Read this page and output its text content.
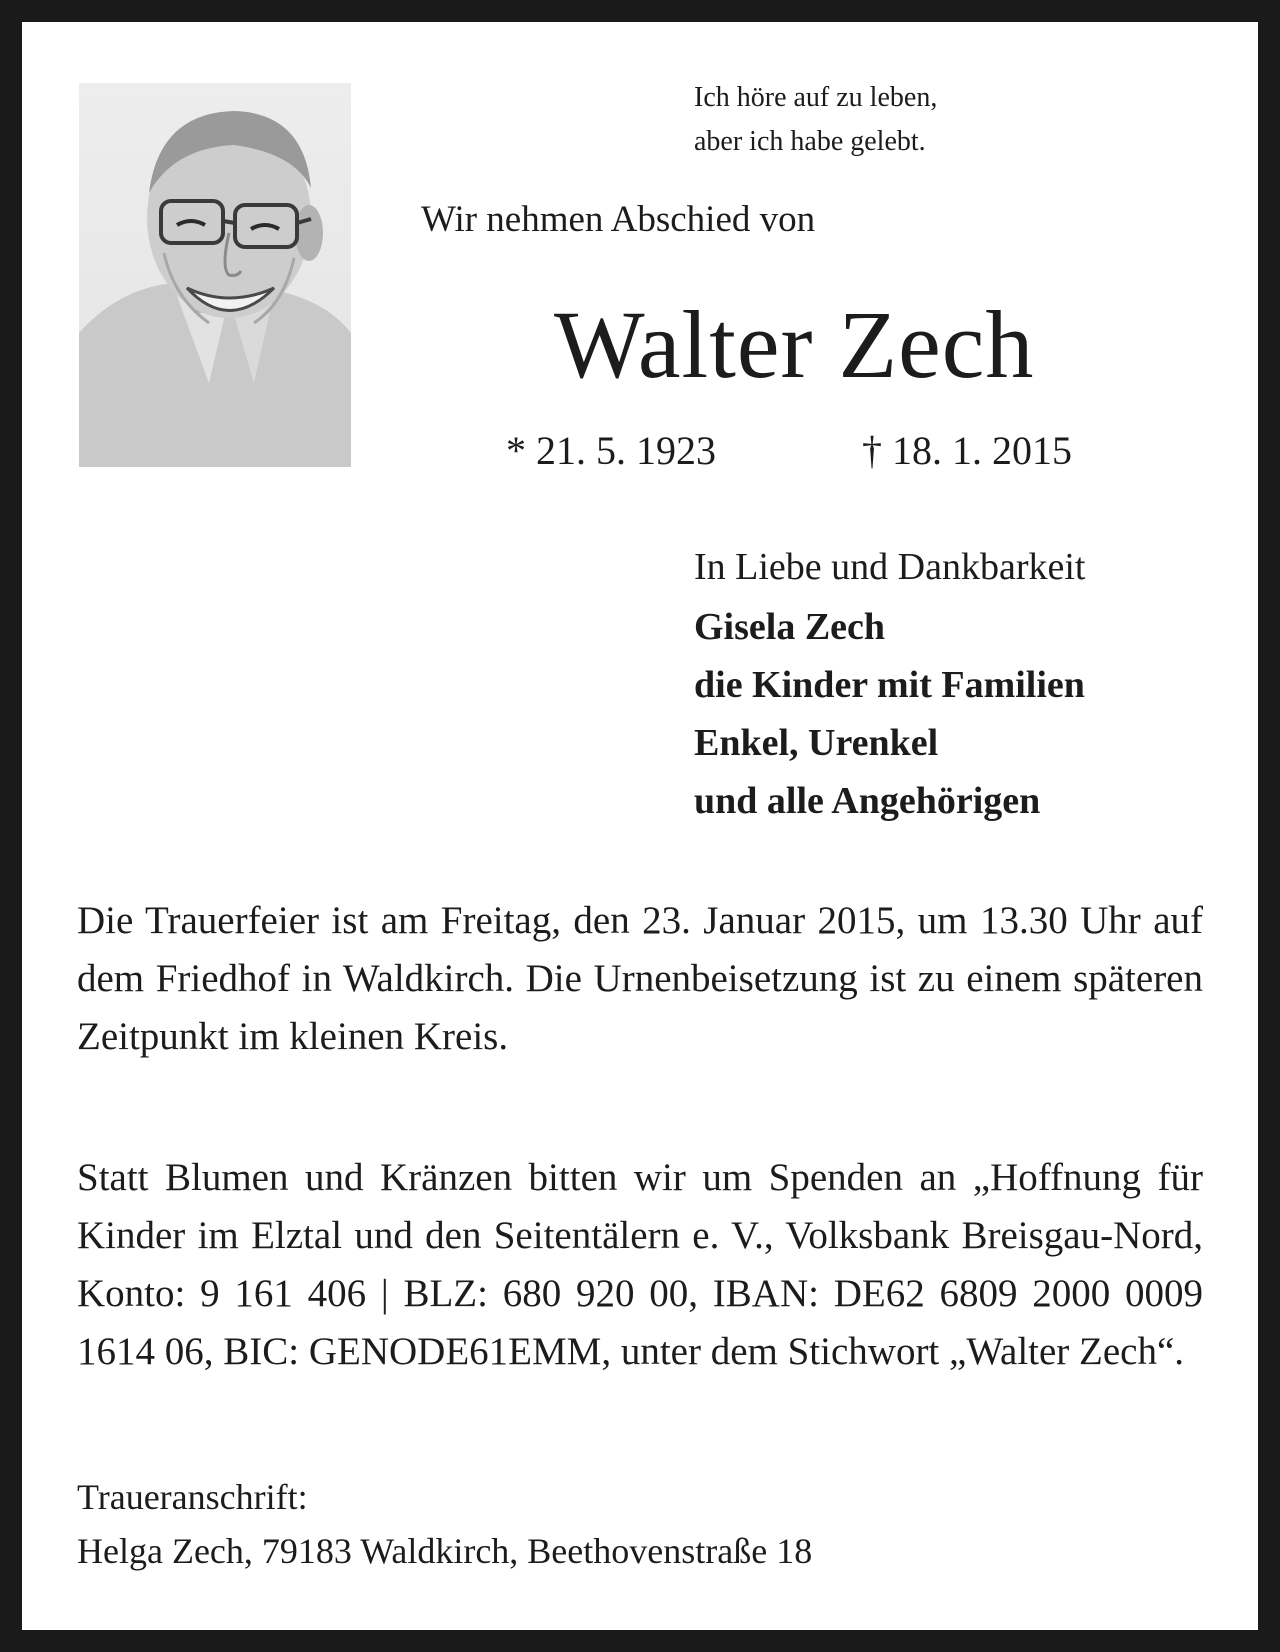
Ich höre auf zu leben,
aber ich habe gelebt.
Wir nehmen Abschied von
Walter Zech
* 21. 5. 1923	† 18. 1. 2015
In Liebe und Dankbarkeit
Gisela Zech
die Kinder mit Familien
Enkel, Urenkel
und alle Angehörigen
Die Trauerfeier ist am Freitag, den 23. Januar 2015, um 13.30 Uhr auf dem Friedhof in Waldkirch. Die Urnenbeisetzung ist zu einem späteren Zeitpunkt im kleinen Kreis.
Statt Blumen und Kränzen bitten wir um Spenden an „Hoffnung für Kinder im Elztal und den Seitentälern e. V., Volksbank Breisgau-Nord, Konto: 9 161 406 | BLZ: 680 920 00, IBAN: DE62 6809 2000 0009 1614 06, BIC: GENODE61EMM, unter dem Stichwort „Walter Zech“.
Traueranschrift:
Helga Zech, 79183 Waldkirch, Beethovenstraße 18
